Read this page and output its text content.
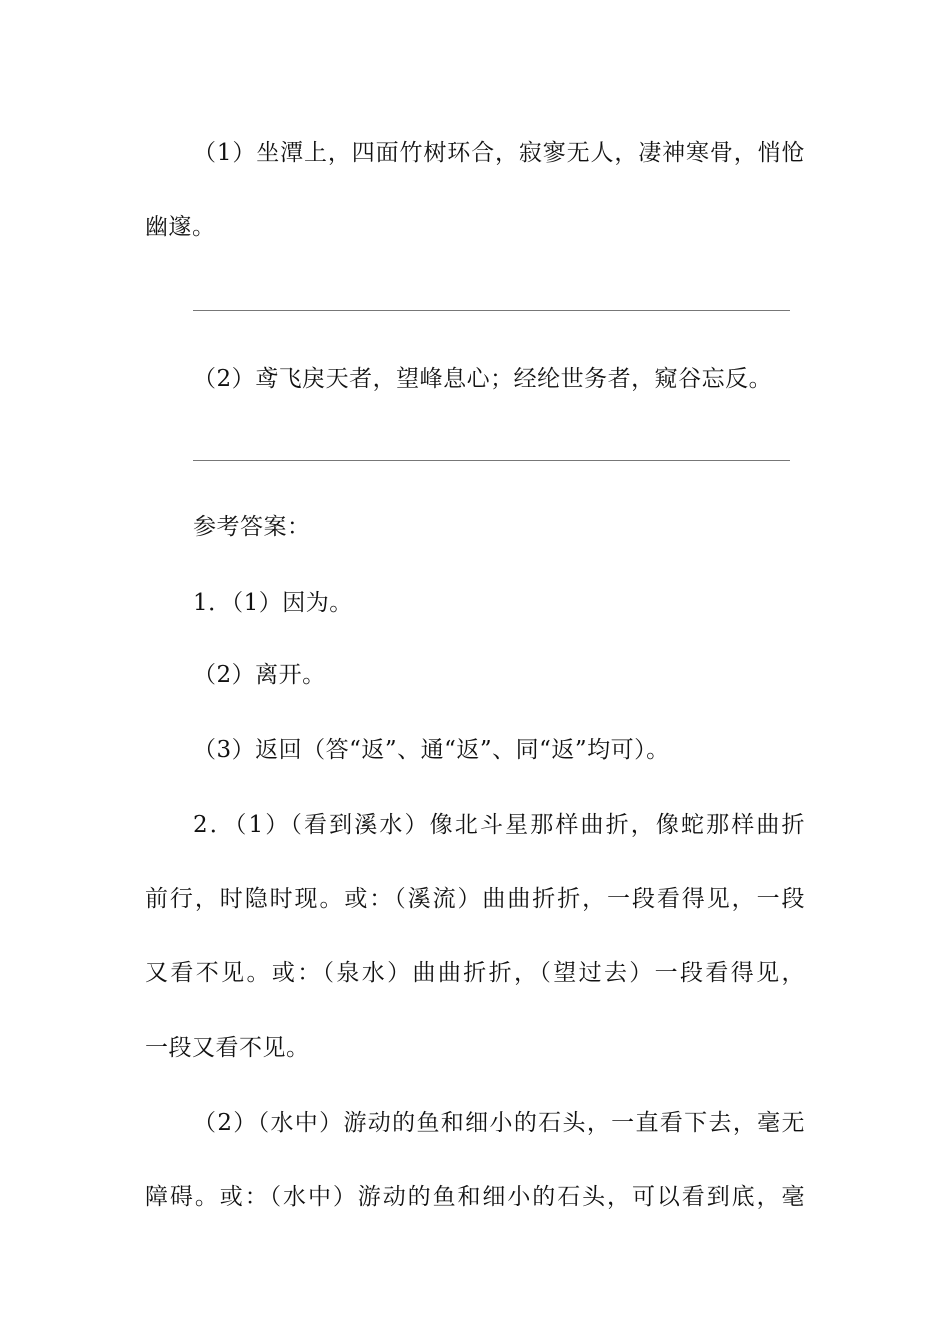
（1）坐潭上，四面竹树环合，寂寥无人，凄神寒骨，悄怆
幽邃。
（2）鸢飞戾天者，望峰息心；经纶世务者，窥谷忘反。
参考答案：
1．（1）因为。
（2）离开。
（3）返回（答“返”、通“返”、同“返”均可）。
2．（1）（看到溪水）像北斗星那样曲折，像蛇那样曲折
前行，时隐时现。或：（溪流）曲曲折折，一段看得见，一段
又看不见。或：（泉水）曲曲折折，（望过去）一段看得见，
一段又看不见。
（2）（水中）游动的鱼和细小的石头，一直看下去，毫无
障碍。或：（水中）游动的鱼和细小的石头，可以看到底，毫
